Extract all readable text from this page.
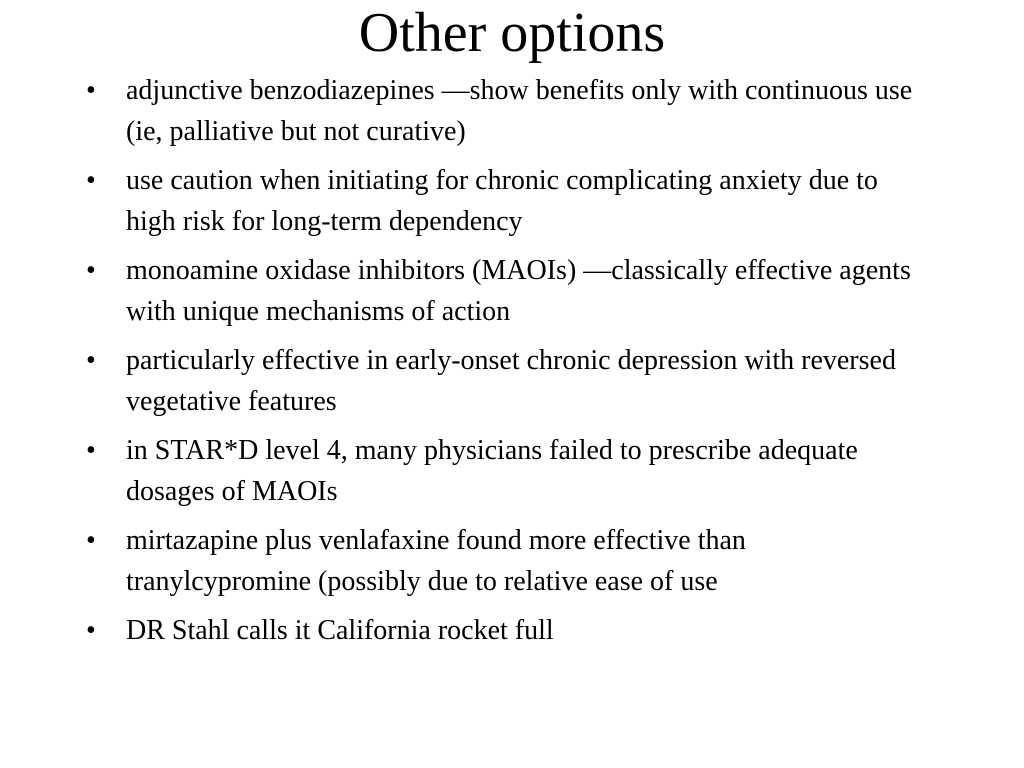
Other options
•	adjunctive benzodiazepines —show benefits only with continuous use (ie, palliative but not curative)
•	use caution when initiating for chronic complicating anxiety due to high risk for long-term dependency
•	monoamine oxidase inhibitors (MAOIs) —classically effective agents with unique mechanisms of action
•	particularly effective in early-onset chronic depression with reversed vegetative features
•	in STAR*D level 4, many physicians failed to prescribe adequate dosages of MAOIs
•	mirtazapine plus venlafaxine found more effective than tranylcypromine (possibly due to relative ease of use
•	DR Stahl calls it California rocket full
